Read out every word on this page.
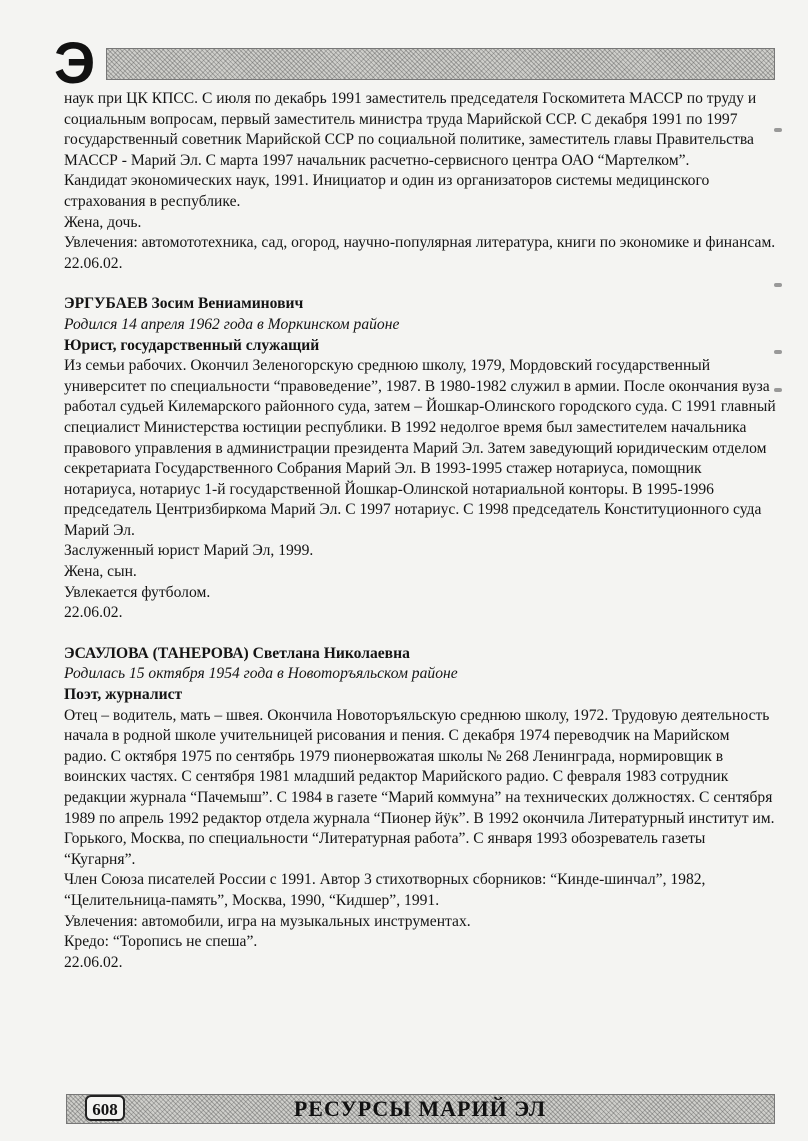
Э

наук при ЦК КПСС. С июля по декабрь 1991 заместитель председателя Госкомитета МАССР по труду и социальным вопросам, первый заместитель министра труда Марийской ССР. С декабря 1991 по 1997 государственный советник Марийской ССР по социальной политике, заместитель главы Правительства МАССР - Марий Эл. С марта 1997 начальник расчетно-сервисного центра ОАО “Мартелком”.

Кандидат экономических наук, 1991. Инициатор и один из организаторов системы медицинского страхования в республике.

Жена, дочь.

Увлечения: автомототехника, сад, огород, научно-популярная литература, книги по экономике и финансам.

22.06.02.

ЭРГУБАЕВ Зосим Вениаминович

Родился 14 апреля 1962 года в Моркинском районе

Юрист, государственный служащий

Из семьи рабочих. Окончил Зеленогорскую среднюю школу, 1979, Мордовский государственный университет по специальности “правоведение”, 1987. В 1980-1982 служил в армии. После окончания вуза работал судьей Килемарского районного суда, затем – Йошкар-Олинского городского суда. С 1991 главный специалист Министерства юстиции республики. В 1992 недолгое время был заместителем начальника правового управления в администрации президента Марий Эл. Затем заведующий юридическим отделом секретариата Государственного Собрания Марий Эл. В 1993-1995 стажер нотариуса, помощник нотариуса, нотариус 1-й государственной Йошкар-Олинской нотариальной конторы. В 1995-1996 председатель Центризбиркома Марий Эл. С 1997 нотариус. С 1998 председатель Конституционного суда Марий Эл.

Заслуженный юрист Марий Эл, 1999.

Жена, сын.

Увлекается футболом.

22.06.02.

ЭСАУЛОВА (ТАНЕРОВА) Светлана Николаевна

Родилась 15 октября 1954 года в Новоторъяльском районе

Поэт, журналист

Отец – водитель, мать – швея. Окончила Новоторъяльскую среднюю школу, 1972. Трудовую деятельность начала в родной школе учительницей рисования и пения. С декабря 1974 переводчик на Марийском радио. С октября 1975 по сентябрь 1979 пионервожатая школы № 268 Ленинграда, нормировщик в воинских частях. С сентября 1981 младший редактор Марийского радио. С февраля 1983 сотрудник редакции журнала “Пачемыш”. С 1984 в газете “Марий коммуна” на технических должностях. С сентября 1989 по апрель 1992 редактор отдела журнала “Пионер йӱк”. В 1992 окончила Литературный институт им. Горького, Москва, по специальности “Литературная работа”. С января 1993 обозреватель газеты “Кугарня”.

Член Союза писателей России с 1991. Автор 3 стихотворных сборников: “Кинде-шинчал”, 1982, “Целительница-память”, Москва, 1990, “Кидшер”, 1991.

Увлечения: автомобили, игра на музыкальных инструментах.

Кредо: “Торопись не спеша”.

22.06.02.

608	РЕСУРСЫ МАРИЙ ЭЛ
